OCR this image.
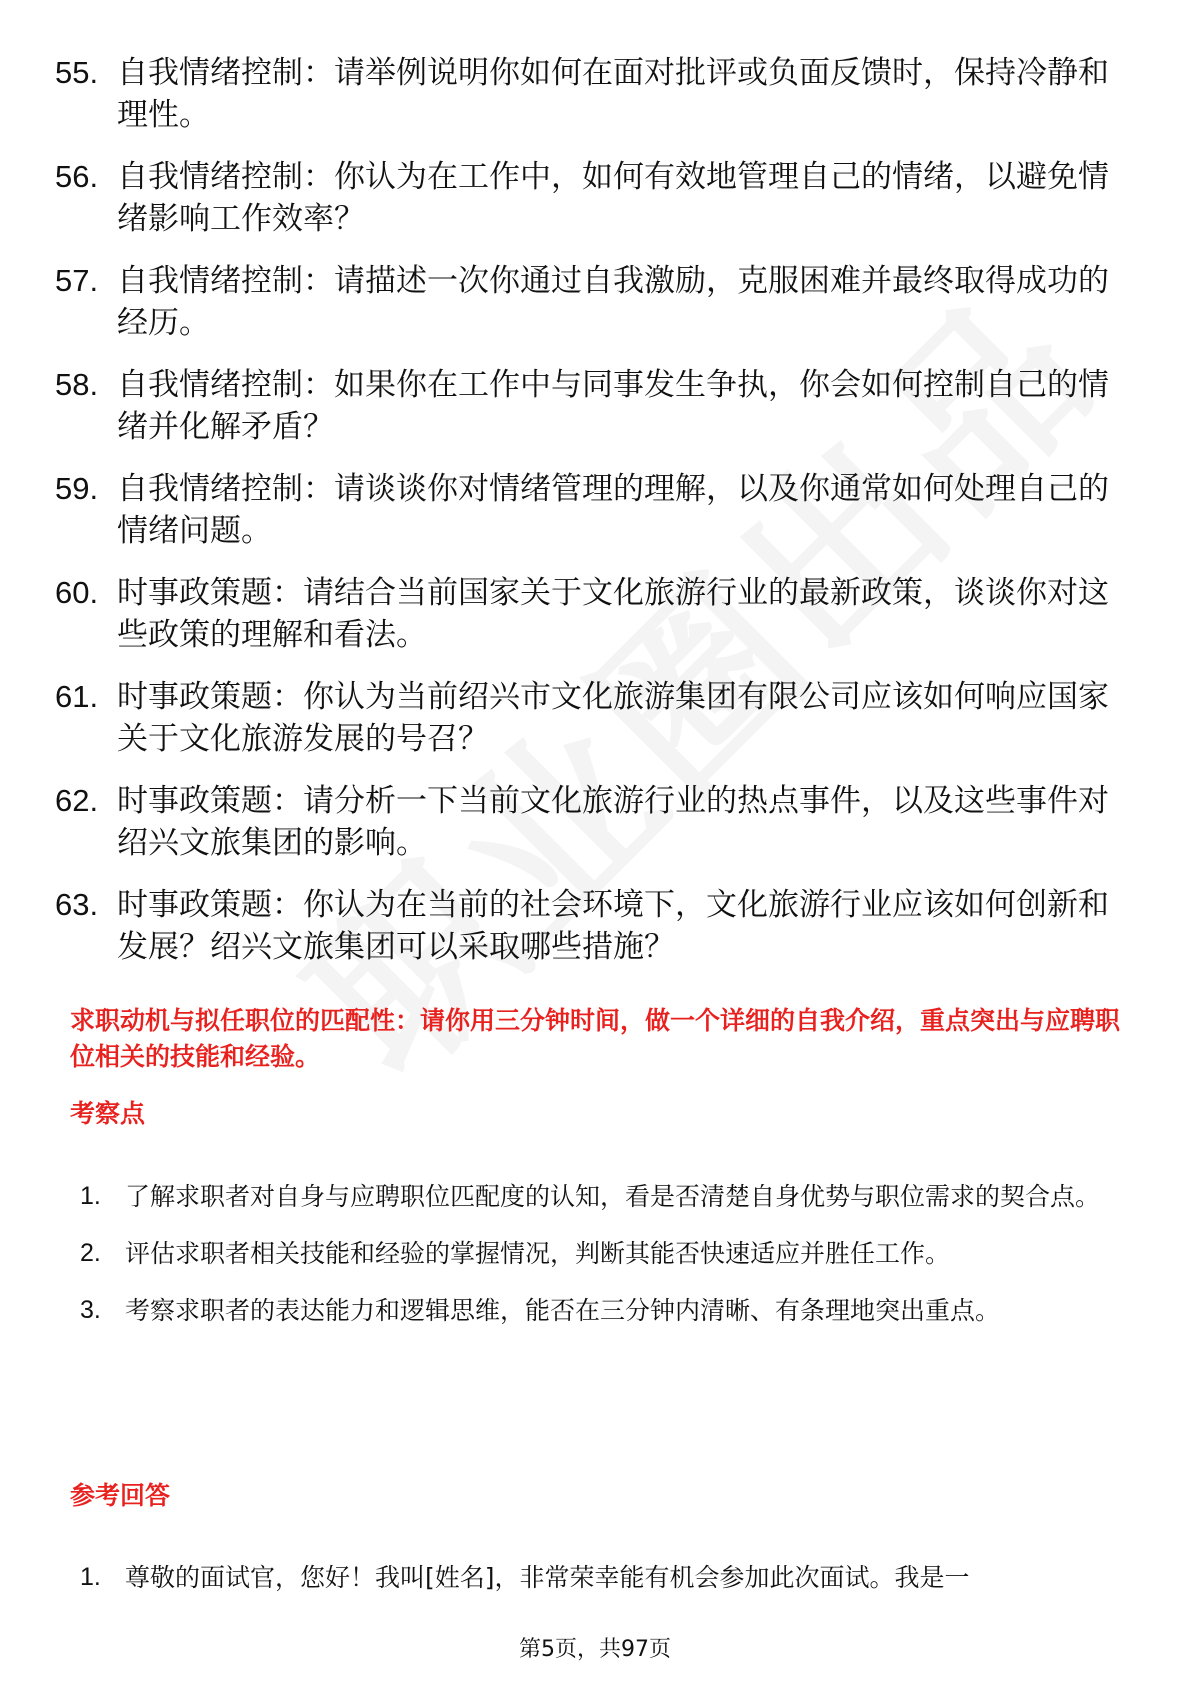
55. 自我情绪控制：请举例说明你如何在面对批评或负面反馈时，保持冷静和理性。
56. 自我情绪控制：你认为在工作中，如何有效地管理自己的情绪，以避免情绪影响工作效率？
57. 自我情绪控制：请描述一次你通过自我激励，克服困难并最终取得成功的经历。
58. 自我情绪控制：如果你在工作中与同事发生争执，你会如何控制自己的情绪并化解矛盾？
59. 自我情绪控制：请谈谈你对情绪管理的理解，以及你通常如何处理自己的情绪问题。
60. 时事政策题：请结合当前国家关于文化旅游行业的最新政策，谈谈你对这些政策的理解和看法。
61. 时事政策题：你认为当前绍兴市文化旅游集团有限公司应该如何响应国家关于文化旅游发展的号召？
62. 时事政策题：请分析一下当前文化旅游行业的热点事件，以及这些事件对绍兴文旅集团的影响。
63. 时事政策题：你认为在当前的社会环境下，文化旅游行业应该如何创新和发展？绍兴文旅集团可以采取哪些措施？
求职动机与拟任职位的匹配性：请你用三分钟时间，做一个详细的自我介绍，重点突出与应聘职位相关的技能和经验。
考察点
1. 了解求职者对自身与应聘职位匹配度的认知，看是否清楚自身优势与职位需求的契合点。
2. 评估求职者相关技能和经验的掌握情况，判断其能否快速适应并胜任工作。
3. 考察求职者的表达能力和逻辑思维，能否在三分钟内清晰、有条理地突出重点。
参考回答
1. 尊敬的面试官，您好！我叫[姓名]，非常荣幸能有机会参加此次面试。我是一
第5页，共97页
